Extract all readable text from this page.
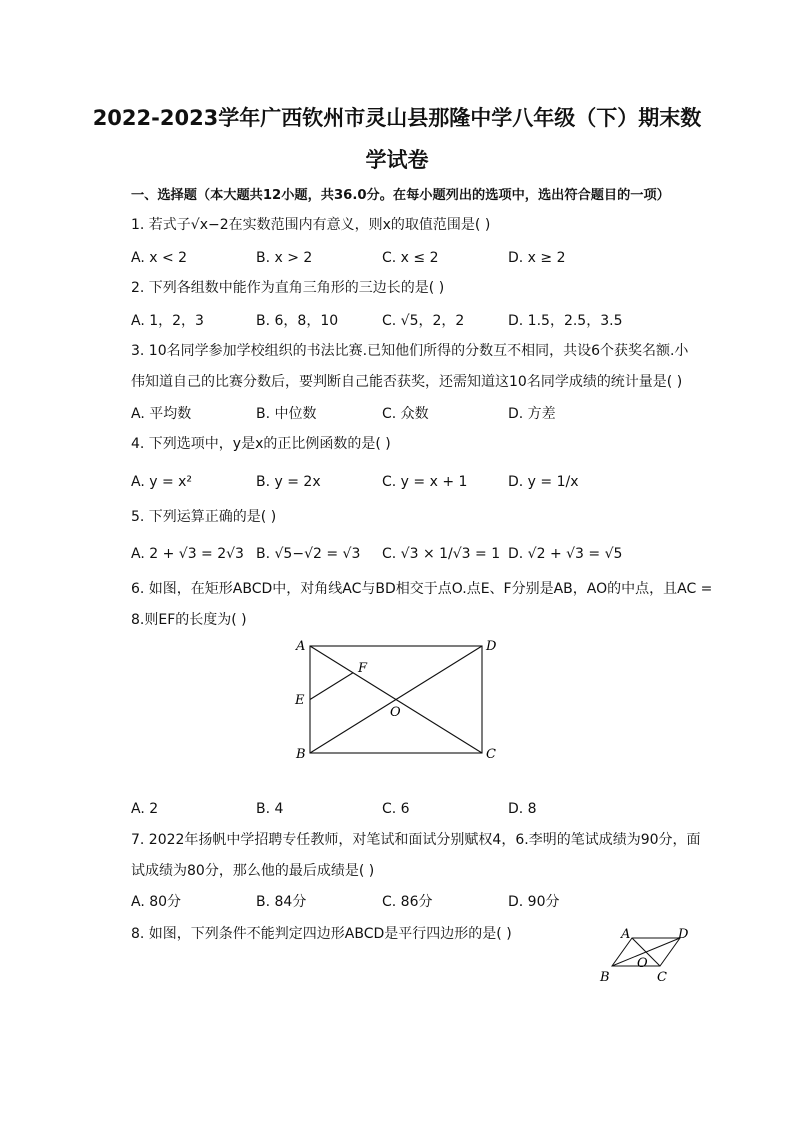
2022-2023学年广西钦州市灵山县那隆中学八年级（下）期末数
学试卷
一、选择题（本大题共12小题，共36.0分。在每小题列出的选项中，选出符合题目的一项）
1. 若式子√x−2在实数范围内有意义，则x的取值范围是( )
A. x < 2	B. x > 2	C. x ≤ 2	D. x ≥ 2
2. 下列各组数中能作为直角三角形的三边长的是( )
A. 1，2，3	B. 6，8，10	C. √5，2，2	D. 1.5，2.5，3.5
3. 10名同学参加学校组织的书法比赛.已知他们所得的分数互不相同，共设6个获奖名额.小
伟知道自己的比赛分数后，要判断自己能否获奖，还需知道这10名同学成绩的统计量是( )
A. 平均数	B. 中位数	C. 众数	D. 方差
4. 下列选项中，y是x的正比例函数的是( )
A. y = x²	B. y = 2x	C. y = x + 1	D. y = 1/x
5. 下列运算正确的是( )
A. 2 + √3 = 2√3 B. √5−√2 = √3 C. √3 × 1/√3 = 1 D. √2 + √3 = √5
6. 如图，在矩形ABCD中，对角线AC与BD相交于点O.点E、F分别是AB，AO的中点，且AC =
8.则EF的长度为( )
A	D
F
E
O
B	C
A. 2	B. 4	C. 6	D. 8
7. 2022年扬帆中学招聘专任教师，对笔试和面试分别赋权4，6.李明的笔试成绩为90分，面
试成绩为80分，那么他的最后成绩是( )
A. 80分	B. 84分	C. 86分	D. 90分
8. 如图，下列条件不能判定四边形ABCD是平行四边形的是( )	A	D
O
B	C
